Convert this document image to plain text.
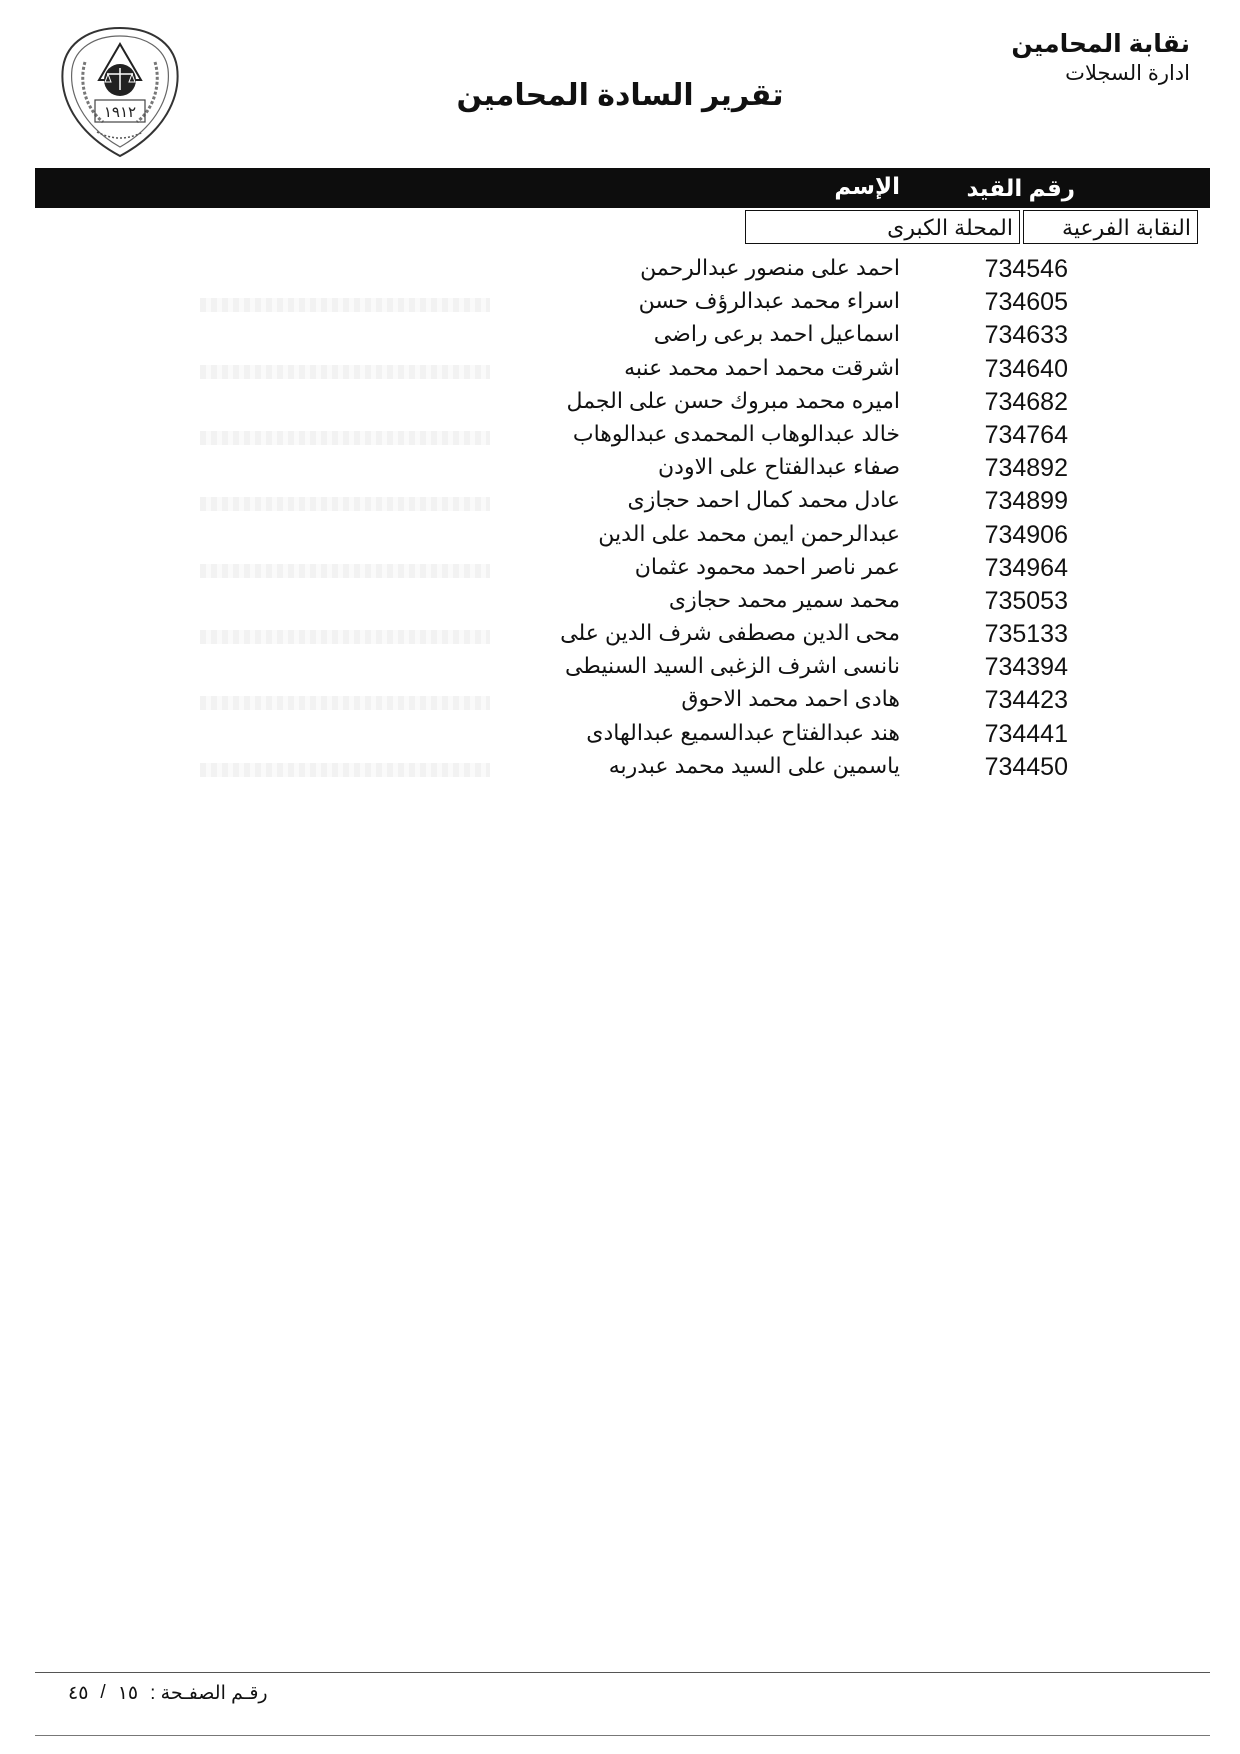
نقابة المحامين
ادارة السجلات
تقرير السادة المحامين
١٩١٢
رقم القيد
الإسم
النقابة الفرعية
المحلة الكبرى
734546
احمد على منصور عبدالرحمن
734605
اسراء محمد عبدالرؤف حسن
734633
اسماعيل احمد برعى راضى
734640
اشرقت محمد احمد محمد عنبه
734682
اميره محمد مبروك حسن على الجمل
734764
خالد عبدالوهاب المحمدى عبدالوهاب
734892
صفاء عبدالفتاح على الاودن
734899
عادل محمد كمال احمد حجازى
734906
عبدالرحمن ايمن محمد على الدين
734964
عمر ناصر احمد محمود عثمان
735053
محمد سمير محمد حجازى
735133
محى الدين مصطفى شرف الدين على
734394
نانسى اشرف الزغبى السيد السنيطى
734423
هادى احمد محمد الاحوق
734441
هند عبدالفتاح عبدالسميع عبدالهادى
734450
ياسمين على السيد محمد عبدربه
رقـم الصفـحة :
١٥
/
٤٥
